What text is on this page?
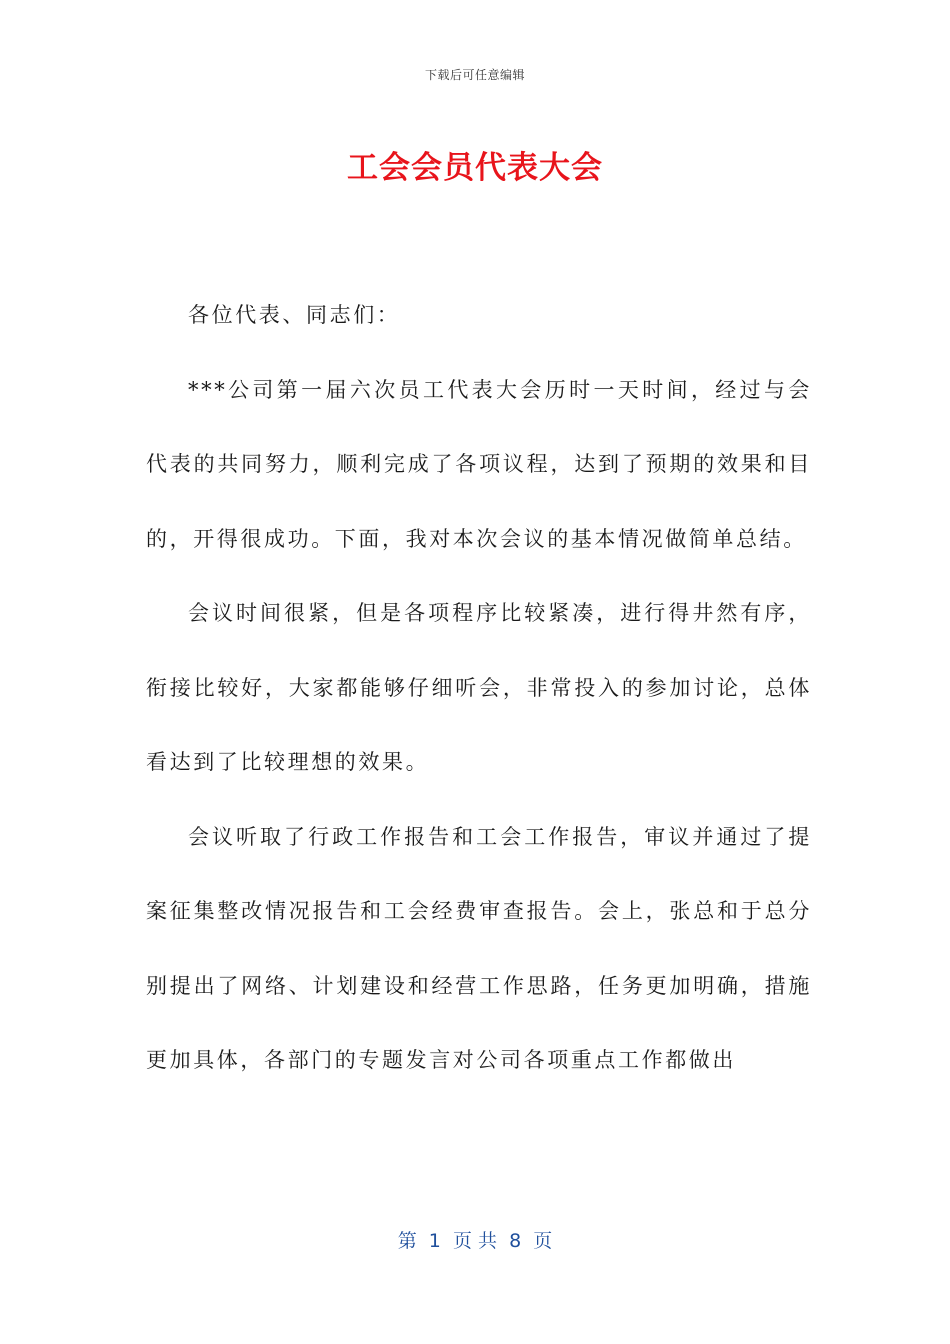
下载后可任意编辑
工会会员代表大会

各位代表、同志们：

***公司第一届六次员工代表大会历时一天时间，经过与会代表的共同努力，顺利完成了各项议程，达到了预期的效果和目的，开得很成功。下面，我对本次会议的基本情况做简单总结。

会议时间很紧，但是各项程序比较紧凑，进行得井然有序，衔接比较好，大家都能够仔细听会，非常投入的参加讨论，总体看达到了比较理想的效果。

会议听取了行政工作报告和工会工作报告，审议并通过了提案征集整改情况报告和工会经费审查报告。会上，张总和于总分别提出了网络、计划建设和经营工作思路，任务更加明确，措施更加具体，各部门的专题发言对公司各项重点工作都做出

第  1  页 共  8  页
